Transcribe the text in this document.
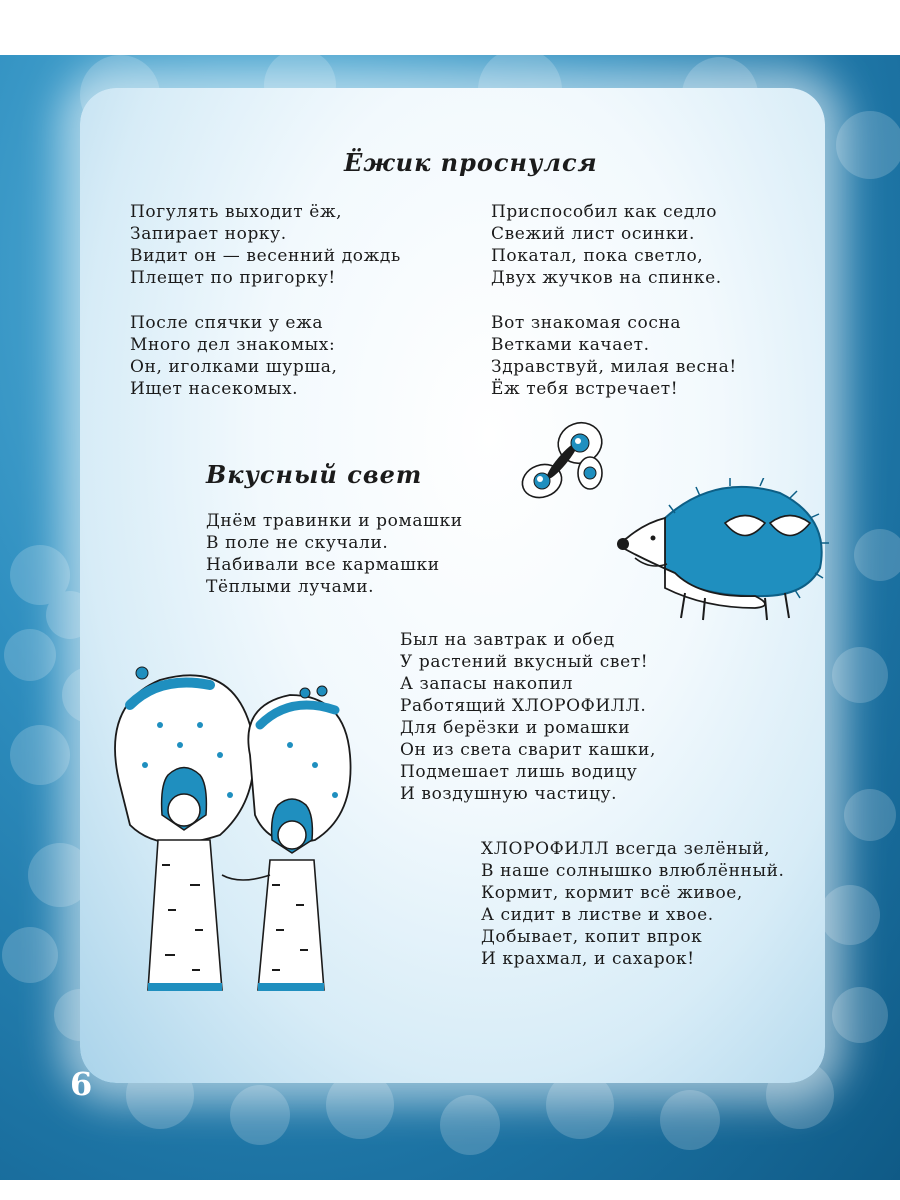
Ёжик проснулся
Погулять выходит ёж,
Запирает норку.
Видит он — весенний дождь
Плещет по пригорку!
После спячки у ежа
Много дел знакомых:
Он, иголками шурша,
Ищет насекомых.
Приспособил как седло
Свежий лист осинки.
Покатал, пока светло,
Двух жучков на спинке.
Вот знакомая сосна
Ветками качает.
Здравствуй, милая весна!
Ёж тебя встречает!
Вкусный свет
Днём травинки и ромашки
В поле не скучали.
Набивали все кармашки
Тёплыми лучами.
Был на завтрак и обед
У растений вкусный свет!
А запасы накопил
Работящий ХЛОРОФИЛЛ.
Для берёзки и ромашки
Он из света сварит кашки,
Подмешает лишь водицу
И воздушную частицу.
ХЛОРОФИЛЛ всегда зелёный,
В наше солнышко влюблённый.
Кормит, кормит всё живое,
А сидит в листве и хвое.
Добывает, копит впрок
И крахмал, и сахарок!
6
